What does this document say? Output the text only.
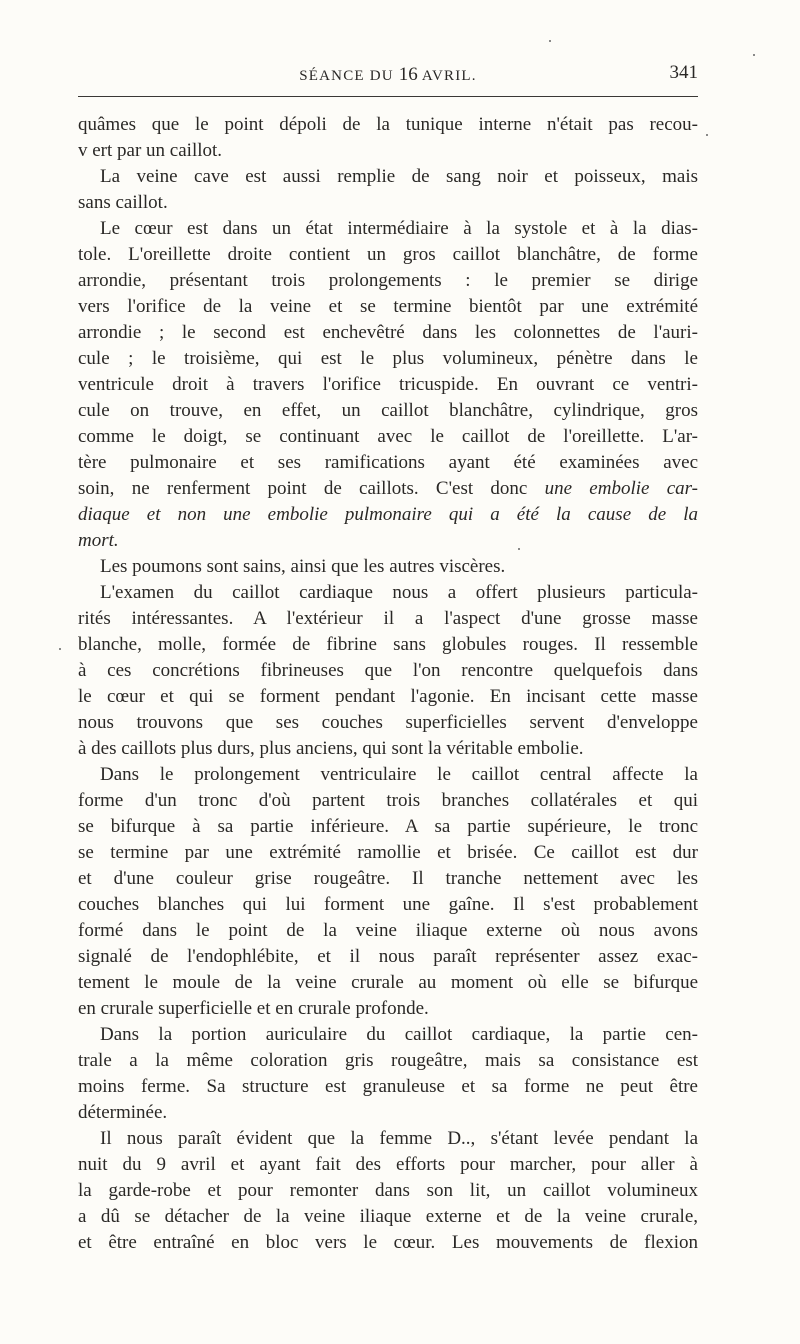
SÉANCE DU 16 AVRIL.	341
quâmes que le point dépoli de la tunique interne n'était pas recou-
v ert par un caillot.
La veine cave est aussi remplie de sang noir et poisseux, mais
sans caillot.
Le cœur est dans un état intermédiaire à la systole et à la dias-
tole. L'oreillette droite contient un gros caillot blanchâtre, de forme
arrondie, présentant trois prolongements : le premier se dirige
vers l'orifice de la veine et se termine bientôt par une extrémité
arrondie ; le second est enchevêtré dans les colonnettes de l'auri-
cule ; le troisième, qui est le plus volumineux, pénètre dans le
ventricule droit à travers l'orifice tricuspide. En ouvrant ce ventri-
cule on trouve, en effet, un caillot blanchâtre, cylindrique, gros
comme le doigt, se continuant avec le caillot de l'oreillette. L'ar-
tère pulmonaire et ses ramifications ayant été examinées avec
soin, ne renferment point de caillots. C'est donc une embolie car-
diaque et non une embolie pulmonaire qui a été la cause de la
mort.
Les poumons sont sains, ainsi que les autres viscères.
L'examen du caillot cardiaque nous a offert plusieurs particula-
rités intéressantes. A l'extérieur il a l'aspect d'une grosse masse
blanche, molle, formée de fibrine sans globules rouges. Il ressemble
à ces concrétions fibrineuses que l'on rencontre quelquefois dans
le cœur et qui se forment pendant l'agonie. En incisant cette masse
nous trouvons que ses couches superficielles servent d'enveloppe
à des caillots plus durs, plus anciens, qui sont la véritable embolie.
Dans le prolongement ventriculaire le caillot central affecte la
forme d'un tronc d'où partent trois branches collatérales et qui
se bifurque à sa partie inférieure. A sa partie supérieure, le tronc
se termine par une extrémité ramollie et brisée. Ce caillot est dur
et d'une couleur grise rougeâtre. Il tranche nettement avec les
couches blanches qui lui forment une gaîne. Il s'est probablement
formé dans le point de la veine iliaque externe où nous avons
signalé de l'endophlébite, et il nous paraît représenter assez exac-
tement le moule de la veine crurale au moment où elle se bifurque
en crurale superficielle et en crurale profonde.
Dans la portion auriculaire du caillot cardiaque, la partie cen-
trale a la même coloration gris rougeâtre, mais sa consistance est
moins ferme. Sa structure est granuleuse et sa forme ne peut être
déterminée.
Il nous paraît évident que la femme D.., s'étant levée pendant la
nuit du 9 avril et ayant fait des efforts pour marcher, pour aller à
la garde-robe et pour remonter dans son lit, un caillot volumineux
a dû se détacher de la veine iliaque externe et de la veine crurale,
et être entraîné en bloc vers le cœur. Les mouvements de flexion
